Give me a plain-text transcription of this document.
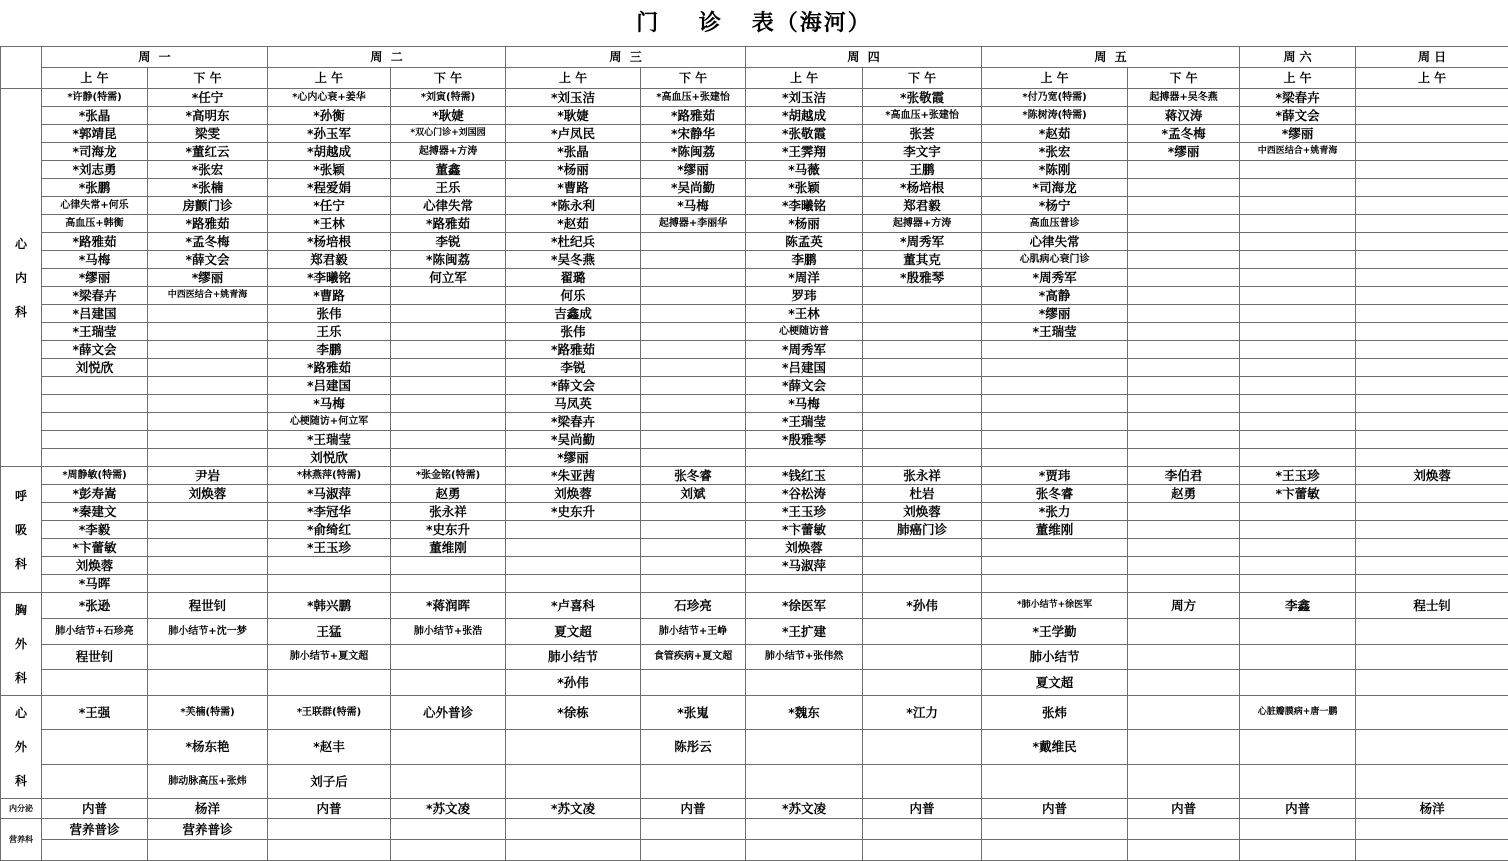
门    诊   表（海河）
	周  一		周  二		周  三		周  四		周  五		周 六	周 日
	上 午	下 午	上 午	下 午	上 午	下 午	上 午	下 午	上 午	下 午	上 午	上 午
心
内
科	*许静(特需)	*任宁	*心内心衰+姜华	*刘寅(特需)	*刘玉洁	*高血压+张建怡	*刘玉洁	*张敬霞	*付乃宽(特需)	起搏器+吴冬燕	*梁春卉	
	*张晶	*高明东	*孙衡	*耿婕	*耿婕	*路雅茹	*胡越成	*高血压+张建怡	*陈树涛(特需)	蒋汉涛	*薛文会	
	*郭靖昆	梁雯	*孙玉军	*双心门诊+刘国园	*卢凤民	*宋静华	*张敬霞	张荟	*赵茹	*孟冬梅	*缪丽	
	*司海龙	*董红云	*胡越成	起搏器+方涛	*张晶	*陈闽荔	*王霁翔	李文宇	*张宏	*缪丽	中西医结合+姚青海	
	*刘志勇	*张宏	*张颖	董鑫	*杨丽	*缪丽	*马薇	王鹏	*陈刚			
	*张鹏	*张楠	*程爱娟	王乐	*曹路	*吴尚勤	*张颖	*杨培根	*司海龙			
	心律失常+何乐	房颤门诊	*任宁	心律失常	*陈永利	*马梅	*李曦铭	郑君毅	*杨宁			
	高血压+韩衡	*路雅茹	*王林	*路雅茹	*赵茹	起搏器+李丽华	*杨丽	起搏器+方涛	高血压普诊			
	*路雅茹	*孟冬梅	*杨培根	李锐	*杜纪兵		陈孟英	*周秀军	心律失常			
	*马梅	*薛文会	郑君毅	*陈闽荔	*吴冬燕		李鹏	董其克	心肌病心衰门诊			
	*缪丽	*缪丽	*李曦铭	何立军	翟璐		*周洋	*殷雅琴	*周秀军			
	*梁春卉	中西医结合+姚青海	*曹路		何乐		罗玮		*高静			
	*吕建国		张伟		吉鑫成		*王林		*缪丽			
	*王瑞莹		王乐		张伟		心梗随访普		*王瑞莹			
	*薛文会		李鹏		*路雅茹		*周秀军					
	刘悦欣		*路雅茹		李锐		*吕建国					
			*吕建国		*薛文会		*薛文会					
			*马梅		马凤英		*马梅					
			心梗随访+何立军		*梁春卉		*王瑞莹					
			*王瑞莹		*吴尚勤		*殷雅琴					
			刘悦欣		*缪丽							
呼
吸
科	*周静敏(特需)	尹岩	*林燕萍(特需)	*张金铭(特需)	*朱亚茜	张冬睿	*钱红玉	张永祥	*贾玮	李伯君	*王玉珍	刘焕蓉
	*彭寿嵩	刘焕蓉	*马淑萍	赵勇	刘焕蓉	刘斌	*谷松涛	杜岩	张冬睿	赵勇	*卞蕾敏	
	*秦建文		*李冠华	张永祥	*史东升		*王玉珍	刘焕蓉	*张力			
	*李毅		*俞绮红	*史东升			*卞蕾敏	肺癌门诊	董维刚			
	*卞蕾敏		*王玉珍	董维刚			刘焕蓉					
	刘焕蓉						*马淑萍					
	*马晖											
胸
外
科	*张逊	程世钊	*韩兴鹏	*蒋润晖	*卢喜科	石珍亮	*徐医军	*孙伟	*肺小结节+徐医军	周方	李鑫	程士钊
	肺小结节+石珍亮	肺小结节+沈一梦	王猛	肺小结节+张浩	夏文超	肺小结节+王峥	*王扩建		*王学勤			
	程世钊		肺小结节+夏文超		肺小结节	食管疾病+夏文超	肺小结节+张伟然		肺小结节			
					*孙伟				夏文超			
心
外
科	*王强	*芙楠(特需)	*王联群(特需)	心外普诊	*徐栋	*张嵬	*魏东	*江力	张炜		心脏瓣膜病+唐一鹏	
		*杨东艳	*赵丰			陈彤云			*戴维民			
		肺动脉高压+张炜	刘子后									
内分泌	内普	杨洋	内普	*苏文凌	*苏文凌	内普	*苏文凌	内普	内普	内普	内普	杨洋
营养科	营养普诊	营养普诊										
